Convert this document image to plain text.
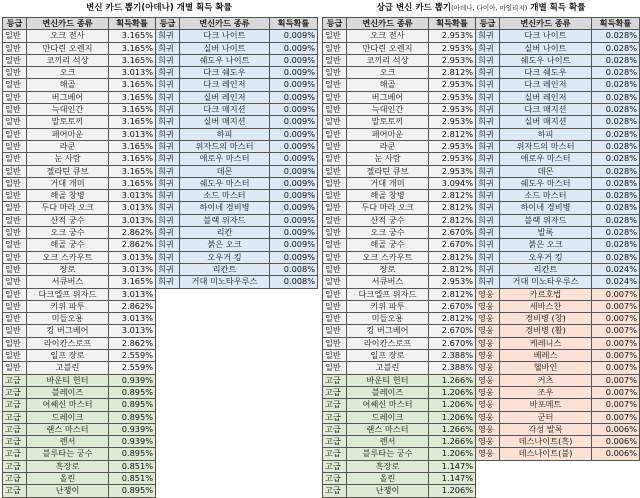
변신 카드 뽑기(아데나) 개별 획득 확률
등급	변신카드 종류	획득확률	등급	변신카드 종류	획득확률
일반	오크 전사	3.165%	희귀	다크 나이트	0.009%
일반	만다린 오렌지	3.165%	희귀	실버 나이트	0.009%
일반	코끼리 석상	3.165%	희귀	쉐도우 나이트	0.009%
일반	오크	3.013%	희귀	다크 쉐도우	0.009%
일반	해골	3.165%	희귀	다크 레인저	0.009%
일반	버그베어	3.165%	희귀	실버 레인저	0.009%
일반	늑대인간	3.165%	희귀	다크 매지션	0.009%
일반	말토토끼	3.165%	희귀	실버 매지션	0.009%
일반	페어마운	3.013%	희귀	하피	0.009%
일반	라쿤	3.165%	희귀	위자드의 마스터	0.009%
일반	눈 사람	3.165%	희귀	애로우 마스터	0.009%
일반	젤라틴 큐브	3.165%	희귀	데몬	0.009%
일반	거대 개미	3.165%	희귀	쉐도우 마스터	0.009%
일반	해골 창병	3.013%	희귀	소드 마스터	0.009%
일반	두다 마라 오크	3.013%	희귀	하이네 경비병	0.009%
일반	산적 궁수	3.013%	희귀	블랙 위자드	0.009%
일반	오크 궁수	2.862%	희귀	리칸	0.009%
일반	해골 궁수	2.862%	희귀	붉은 오크	0.009%
일반	오크 스카우트	3.013%	희귀	오우거 킹	0.009%
일반	장로	3.013%	희귀	리칸트	0.008%
일반	서큐버스	3.165%	희귀	거대 미노타우루스	0.008%
일반	다크엘프 위자드	3.013%			
일반	키위 파투	2.862%			
일반	미들오용	3.013%			
일반	킹 버그베어	3.013%			
일반	라이칸스로프	2.862%			
일반	일프 장로	2.559%			
일반	고블린	2.559%			
고급	바운티 헌터	0.939%			
고급	블레이즈	0.895%			
고급	어쌔신 마스터	0.895%			
고급	드레이크	0.895%			
고급	랜스 마스터	0.939%			
고급	렌서	0.939%			
고급	블루타는 궁수	0.895%			
고급	흑장로	0.851%			
고급	올린	0.851%			
고급	난쟁이	0.895%			
상급 변신 카드 뽑기(아데나, 다이아, 마일리지) 개별 획득 확률
등급	변신카드 종류	획득확률	등급	변신카드 종류	획득확률
일반	오크 전사	2.953%	희귀	다크 나이트	0.028%
일반	만다린 오렌지	2.953%	희귀	실버 나이트	0.028%
일반	코끼리 석상	2.953%	희귀	쉐도우 나이트	0.028%
일반	오크	2.812%	희귀	다크 쉐도우	0.028%
일반	해골	2.953%	희귀	다크 레인저	0.028%
일반	버그베어	2.953%	희귀	실버 레인저	0.028%
일반	늑대인간	2.953%	희귀	다크 매지션	0.028%
일반	말토토끼	2.953%	희귀	실버 매지션	0.028%
일반	페어마운	2.812%	희귀	하피	0.028%
일반	라쿤	2.953%	희귀	위자드의 마스터	0.028%
일반	눈 사람	2.953%	희귀	애로우 마스터	0.028%
일반	젤라틴 큐브	2.953%	희귀	데몬	0.028%
일반	거대 개미	3.094%	희귀	쉐도우 마스터	0.028%
일반	해골 창병	2.812%	희귀	소드 마스터	0.028%
일반	두다 마라 오크	2.812%	희귀	하이네 경비병	0.028%
일반	산적 궁수	2.812%	희귀	블랙 위자드	0.028%
일반	오크 궁수	2.670%	희귀	발록	0.028%
일반	해골 궁수	2.670%	희귀	붉은 오크	0.028%
일반	오크 스카우트	2.812%	희귀	오우거 킹	0.028%
일반	장로	2.812%	희귀	리칸트	0.024%
일반	서큐버스	2.953%	희귀	거대 미노타우루스	0.024%
일반	다크엘프 위자드	2.812%	영웅	카르호법	0.007%
일반	키위 파투	2.670%	영웅	세바스찬	0.007%
일반	미들오용	2.812%	영웅	경비병 (창)	0.007%
일반	킹 버그베어	2.670%	영웅	경비병 (활)	0.007%
일반	라이칸스로프	2.670%	영웅	케레니스	0.007%
일반	일프 장로	2.388%	영웅	베레스	0.007%
일반	고블린	2.388%	영웅	헬바인	0.007%
고급	바운티 헌터	1.266%	영웅	커츠	0.007%
고급	블레이즈	1.206%	영웅	조우	0.007%
고급	어쌔신 마스터	1.206%	영웅	바포메트	0.007%
고급	드레이크	1.206%	영웅	군터	0.007%
고급	랜스 마스터	1.266%	영웅	각성 발록	0.006%
고급	렌서	1.266%	영웅	데스나이트(흑)	0.006%
고급	블루타는 궁수	1.206%	영웅	데스나이트(불)	0.006%
고급	흑장로	1.147%			
고급	올린	1.147%			
고급	난쟁이	1.206%			
